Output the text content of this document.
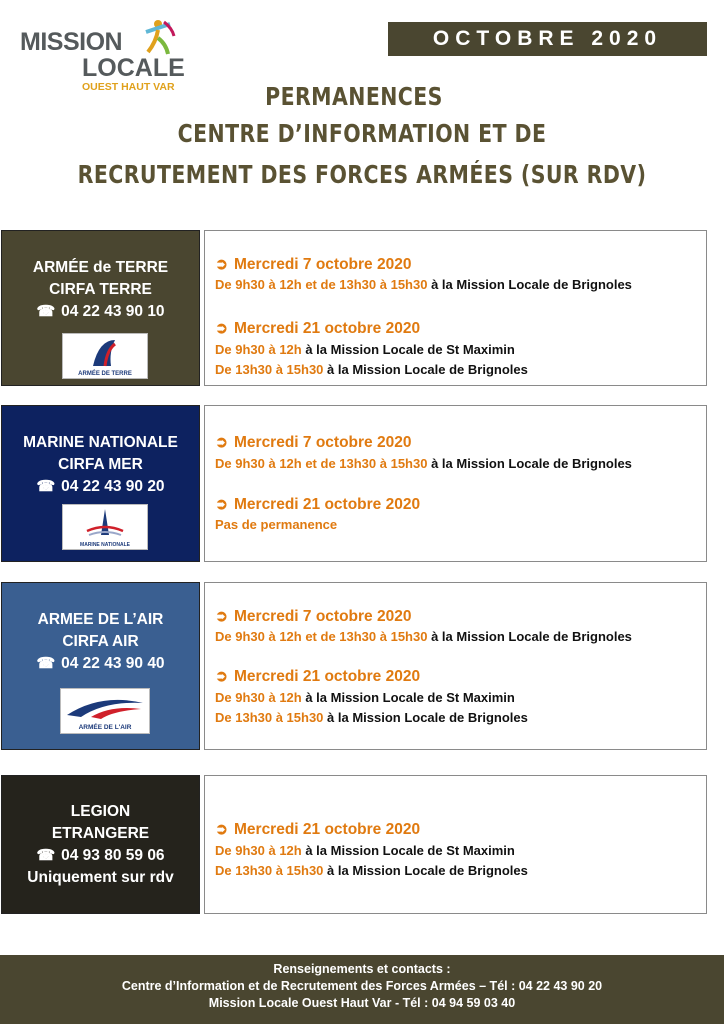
MISSION
LOCALE
OUEST HAUT VAR
OCTOBRE 2020
PERMANENCES
CENTRE D’INFORMATION ET DE
RECRUTEMENT DES FORCES ARMÉES (SUR RDV)
ARMÉE de TERRE
CIRFA TERRE
☎ 04 22 43 90 10
ARMÉE DE TERRE
➲ Mercredi 7 octobre 2020
De 9h30 à 12h et de 13h30 à 15h30 à la Mission Locale de Brignoles
➲ Mercredi 21 octobre 2020
De 9h30 à 12h à la Mission Locale de St Maximin
De 13h30 à 15h30 à la Mission Locale de Brignoles
MARINE NATIONALE
CIRFA MER
☎ 04 22 43 90 20
MARINE NATIONALE
➲ Mercredi 7 octobre 2020
De 9h30 à 12h et de 13h30 à 15h30 à la Mission Locale de Brignoles
➲ Mercredi 21 octobre 2020
Pas de permanence
ARMEE DE L’AIR
CIRFA AIR
☎ 04 22 43 90 40
ARMÉE DE L'AIR
➲ Mercredi 7 octobre 2020
De 9h30 à 12h et de 13h30 à 15h30 à la Mission Locale de Brignoles
➲ Mercredi 21 octobre 2020
De 9h30 à 12h à la Mission Locale de St Maximin
De 13h30 à 15h30 à la Mission Locale de Brignoles
LEGION
ETRANGERE
☎ 04 93 80 59 06
Uniquement sur rdv
➲ Mercredi 21 octobre 2020
De 9h30 à 12h à la Mission Locale de St Maximin
De 13h30 à 15h30 à la Mission Locale de Brignoles
Renseignements et contacts :
Centre d’Information et de Recrutement des Forces Armées – Tél : 04 22 43 90 20
Mission Locale Ouest Haut Var - Tél : 04 94 59 03 40
